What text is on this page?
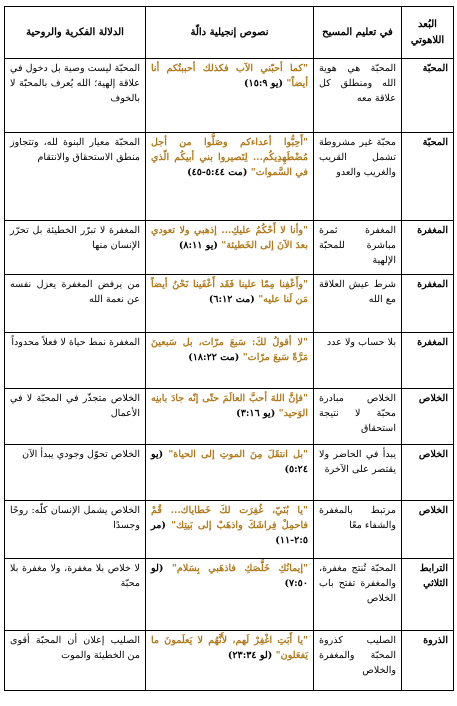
البُعد اللاهوتي	في تعليم المسيح	نصوص إنجيلية دالّة	الدلالة الفكرية والروحية
المحبّة	المحبّة هي هوية الله ومنطلق كل علاقة معه	"كما أحبّني الآب فكذلك أحببتُكم أنا أيضاً" (يو ١٥:٩)	المحبّة ليست وصية بل دخول في علاقة إلهية؛ الله يُعرف بالمحبّة لا بالخوف
المحبّة	محبّة غير مشروطة تشمل القريب والغريب والعدو	"أَحِبُّوا أعداءكم وصَلُّوا من أجل مُضْطَهِدِيكُم... لِتَصيروا بني أبيكُم الّذي في السَّموات" (مت ٥:٤٤-٤٥)	المحبّة معيار البنوة لله، وتتجاوز منطق الاستحقاق والانتقام
المغفرة	المغفرة ثمرة مباشرة للمحبّة الإلهية	"وأنا لا أَحْكُمُ عليكِ... إذهبي ولا تعودي بعدَ الآنَ إلى الخَطيئة" (يو ٨:١١)	المغفرة لا تبرّر الخطيئة بل تحرّر الإنسان منها
المغفرة	شرط عيش العلاقة مع الله	"وأَعْفِنا مِمّا علينا فَقَد أَعْفَينا نَحْنُ أيضاً مَن لَنا عليه" (مت ٦:١٢)	من يرفض المغفرة يعزل نفسه عن نعمة الله
المغفرة	بلا حساب ولا عدد	"لا أقولُ لكَ: سَبعَ مرّات، بل سَبعينَ مَرَّةً سَبعَ مرّات" (مت ١٨:٢٢)	المغفرة نمط حياة لا فعلاً محدوداً
الخلاص	الخلاص مبادرة محبّة لا نتيجة استحقاق	"فإنَّ اللهَ أحبَّ العالَمَ حتّى إنّه جادَ بابنِه الوَحيد" (يو ٣:١٦)	الخلاص متجذّر في المحبّة لا في الأعمال
الخلاص	يبدأ في الحاضر ولا يقتصر على الآخرة	"بل انتقَلَ مِنَ الموتِ إلى الحياة" (يو ٥:٢٤)	الخلاص تحوّل وجودي يبدأ الآن
الخلاص	مرتبط بالمغفرة والشفاء معًا	"يا بُنَيّ، غُفِرَت لكَ خَطاياك... قُمْ فاحمِلْ فِراشَكَ واذهَبْ إلى بَيتِك" (مر ٢:٥-١١)	الخلاص يشمل الإنسان كلّه: روحًا وجسدًا
الترابط الثلاثي	المحبّة تُنتج مغفرة، والمغفرة تفتح باب الخلاص	"إيمانُكِ خَلَّصَكِ فاذهَبي بِسَلام" (لو ٧:٥٠)	لا خلاص بلا مغفرة، ولا مغفرة بلا محبّة
الذروة	الصليب كذروة المحبّة والمغفرة والخلاص	"يا أَبَتِ اغْفِرْ لَهم، لأَنَّهُم لا يَعلَمونَ ما يَفعَلون" (لو ٢٣:٣٤)	الصليب إعلان أن المحبّة أقوى من الخطيئة والموت
